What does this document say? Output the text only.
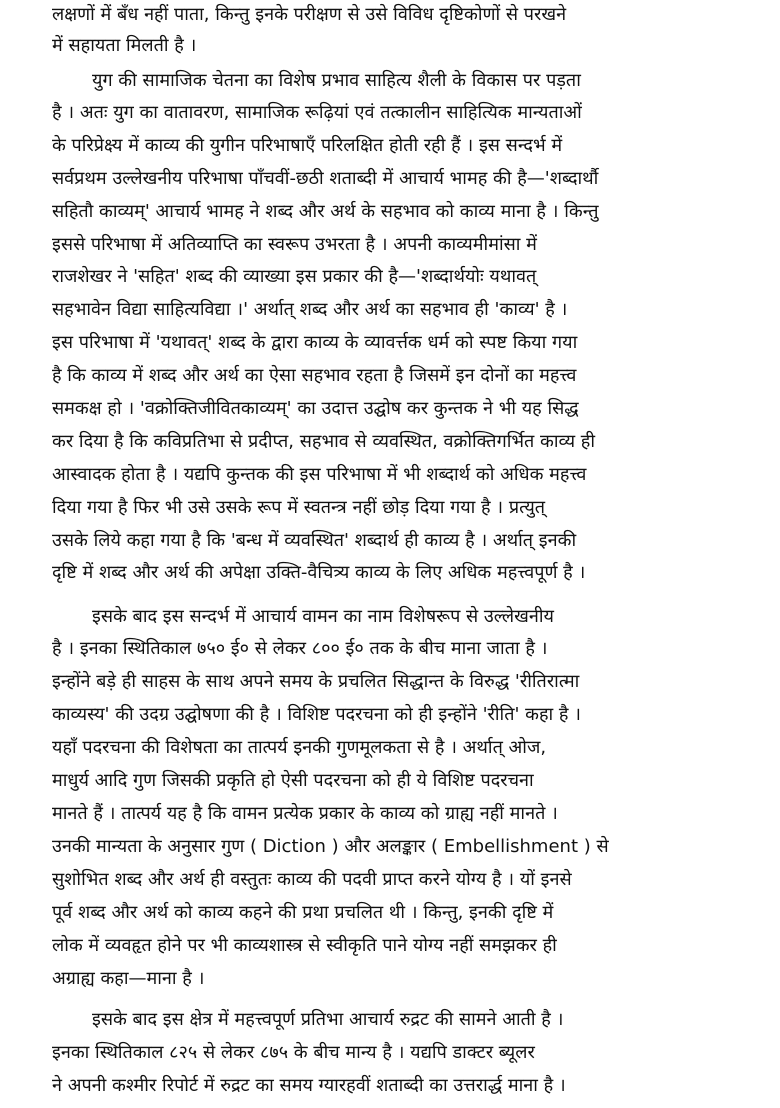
लक्षणों में बँध नहीं पाता, किन्तु इनके परीक्षण से उसे विविध दृष्टिकोणों से परखने
में सहायता मिलती है ।
युग की सामाजिक चेतना का विशेष प्रभाव साहित्य शैली के विकास पर पड़ता
है । अतः युग का वातावरण, सामाजिक रूढ़ियां एवं तत्कालीन साहित्यिक मान्यताओं
के परिप्रेक्ष्य में काव्य की युगीन परिभाषाएँ परिलक्षित होती रही हैं । इस सन्दर्भ में
सर्वप्रथम उल्लेखनीय परिभाषा पाँचवीं-छठी शताब्दी में आचार्य भामह की है—'शब्दार्थौ
सहितौ काव्यम्' आचार्य भामह ने शब्द और अर्थ के सहभाव को काव्य माना है । किन्तु
इससे परिभाषा में अतिव्याप्ति का स्वरूप उभरता है । अपनी काव्यमीमांसा में
राजशेखर ने 'सहित' शब्द की व्याख्या इस प्रकार की है—'शब्दार्थयोः यथावत्
सहभावेन विद्या साहित्यविद्या ।' अर्थात् शब्द और अर्थ का सहभाव ही 'काव्य' है ।
इस परिभाषा में 'यथावत्' शब्द के द्वारा काव्य के व्यावर्त्तक धर्म को स्पष्ट किया गया
है कि काव्य में शब्द और अर्थ का ऐसा सहभाव रहता है जिसमें इन दोनों का महत्त्व
समकक्ष हो । 'वक्रोक्तिजीवितकाव्यम्' का उदात्त उद्घोष कर कुन्तक ने भी यह सिद्ध
कर दिया है कि कविप्रतिभा से प्रदीप्त, सहभाव से व्यवस्थित, वक्रोक्तिगर्भित काव्य ही
आस्वादक होता है । यद्यपि कुन्तक की इस परिभाषा में भी शब्दार्थ को अधिक महत्त्व
दिया गया है फिर भी उसे उसके रूप में स्वतन्त्र नहीं छोड़ दिया गया है । प्रत्युत्
उसके लिये कहा गया है कि 'बन्ध में व्यवस्थित' शब्दार्थ ही काव्य है । अर्थात् इनकी
दृष्टि में शब्द और अर्थ की अपेक्षा उक्ति-वैचित्र्य काव्य के लिए अधिक महत्त्वपूर्ण है ।
इसके बाद इस सन्दर्भ में आचार्य वामन का नाम विशेषरूप से उल्लेखनीय
है । इनका स्थितिकाल ७५० ई० से लेकर ८०० ई० तक के बीच माना जाता है ।
इन्होंने बड़े ही साहस के साथ अपने समय के प्रचलित सिद्धान्त के विरुद्ध 'रीतिरात्मा
काव्यस्य' की उदग्र उद्घोषणा की है । विशिष्ट पदरचना को ही इन्होंने 'रीति' कहा है ।
यहाँ पदरचना की विशेषता का तात्पर्य इनकी गुणमूलकता से है । अर्थात् ओज,
माधुर्य आदि गुण जिसकी प्रकृति हो ऐसी पदरचना को ही ये विशिष्ट पदरचना
मानते हैं । तात्पर्य यह है कि वामन प्रत्येक प्रकार के काव्य को ग्राह्य नहीं मानते ।
उनकी मान्यता के अनुसार गुण ( Diction ) और अलङ्कार ( Embellishment ) से
सुशोभित शब्द और अर्थ ही वस्तुतः काव्य की पदवी प्राप्त करने योग्य है । यों इनसे
पूर्व शब्द और अर्थ को काव्य कहने की प्रथा प्रचलित थी । किन्तु, इनकी दृष्टि में
लोक में व्यवहृत होने पर भी काव्यशास्त्र से स्वीकृति पाने योग्य नहीं समझकर ही
अग्राह्य कहा—माना है ।
इसके बाद इस क्षेत्र में महत्त्वपूर्ण प्रतिभा आचार्य रुद्रट की सामने आती है ।
इनका स्थितिकाल ८२५ से लेकर ८७५ के बीच मान्य है । यद्यपि डाक्टर ब्यूलर
ने अपनी कश्मीर रिपोर्ट में रुद्रट का समय ग्यारहवीं शताब्दी का उत्तरार्द्ध माना है ।
